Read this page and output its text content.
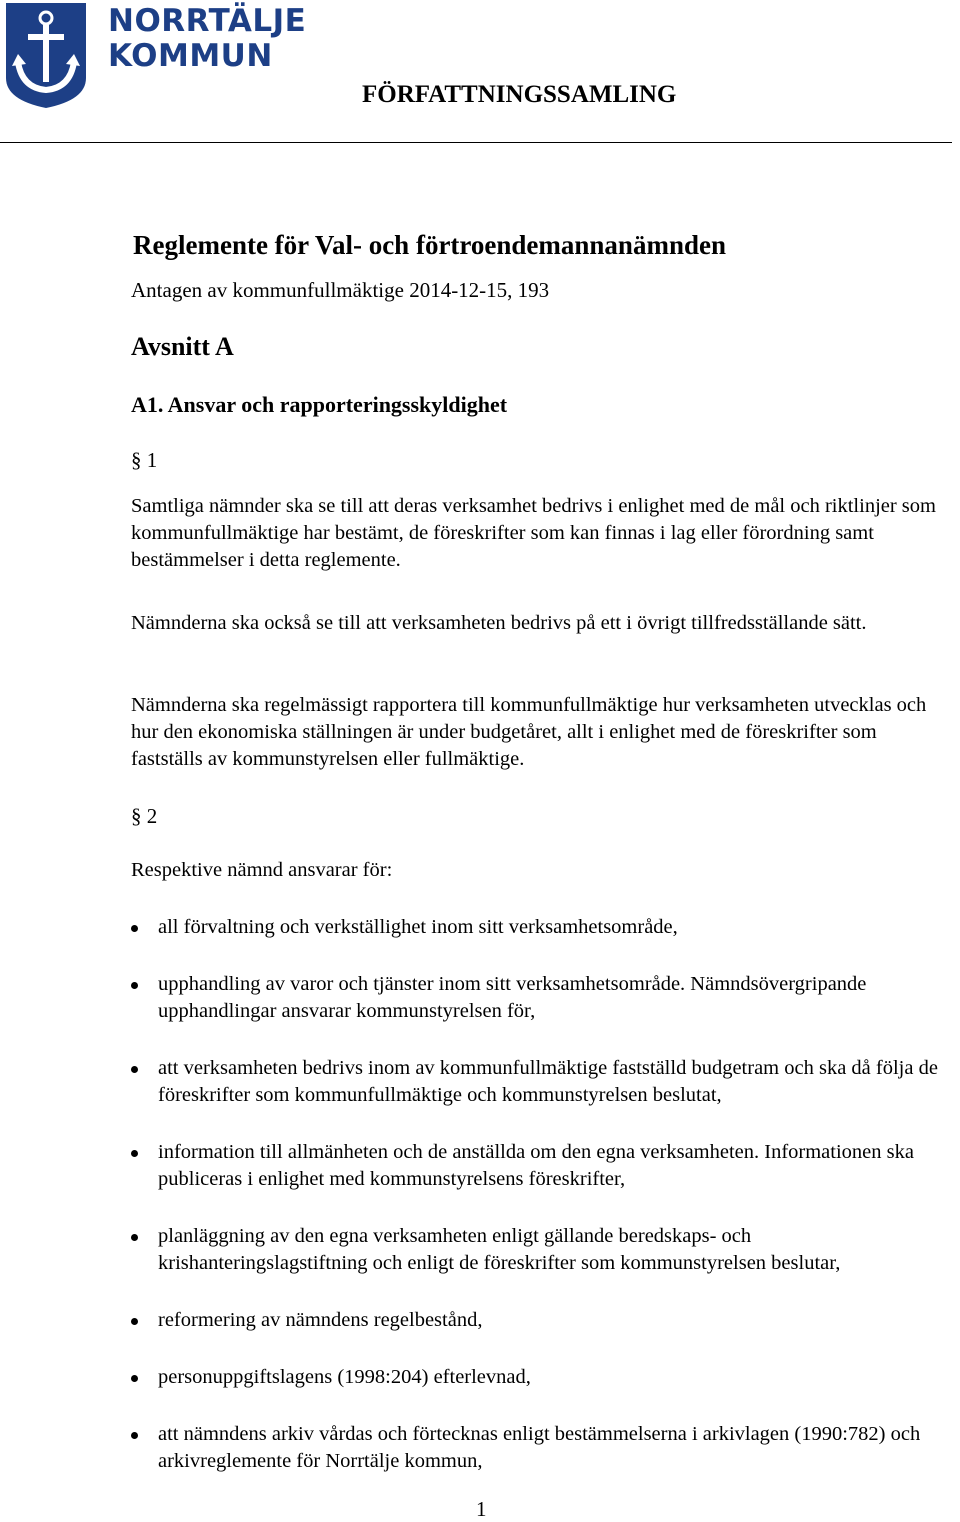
NORRTÄLJE
KOMMUN
FÖRFATTNINGSSAMLING
Reglemente för Val- och förtroendemannanämnden
Antagen av kommunfullmäktige 2014-12-15, 193
Avsnitt A
A1. Ansvar och rapporteringsskyldighet
§ 1
Samtliga nämnder ska se till att deras verksamhet bedrivs i enlighet med de mål och riktlinjer som kommunfullmäktige har bestämt, de föreskrifter som kan finnas i lag eller förordning samt bestämmelser i detta reglemente.
Nämnderna ska också se till att verksamheten bedrivs på ett i övrigt tillfredsställande sätt.
Nämnderna ska regelmässigt rapportera till kommunfullmäktige hur verksamheten utvecklas och hur den ekonomiska ställningen är under budgetåret, allt i enlighet med de föreskrifter som fastställs av kommunstyrelsen eller fullmäktige.
§ 2
Respektive nämnd ansvarar för:
all förvaltning och verkställighet inom sitt verksamhetsområde,
upphandling av varor och tjänster inom sitt verksamhetsområde. Nämndsövergripande upphandlingar ansvarar kommunstyrelsen för,
att verksamheten bedrivs inom av kommunfullmäktige fastställd budgetram och ska då följa de föreskrifter som kommunfullmäktige och kommunstyrelsen beslutat,
information till allmänheten och de anställda om den egna verksamheten. Informationen ska publiceras i enlighet med kommunstyrelsens föreskrifter,
planläggning av den egna verksamheten enligt gällande beredskaps- och krishanteringslagstiftning och enligt de föreskrifter som kommunstyrelsen beslutar,
reformering av nämndens regelbestånd,
personuppgiftslagens (1998:204) efterlevnad,
att nämndens arkiv vårdas och förtecknas enligt bestämmelserna i arkivlagen (1990:782) och arkivreglemente för Norrtälje kommun,
1
